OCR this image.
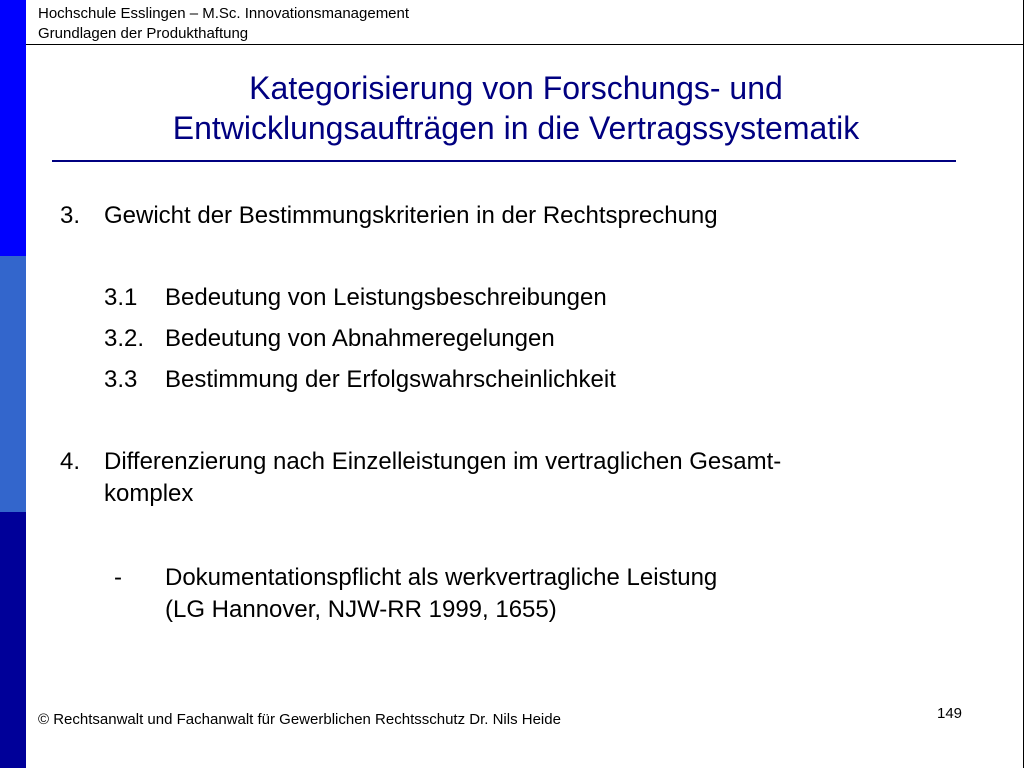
Hochschule Esslingen – M.Sc. Innovationsmanagement
Grundlagen der Produkthaftung
Kategorisierung von Forschungs- und
Entwicklungsaufträgen in die Vertragssystematik
3. Gewicht der Bestimmungskriterien in der Rechtsprechung
3.1 Bedeutung von Leistungsbeschreibungen
3.2. Bedeutung von Abnahmeregelungen
3.3 Bestimmung der Erfolgswahrscheinlichkeit
4. Differenzierung nach Einzelleistungen im vertraglichen Gesamt-
komplex
- Dokumentationspflicht als werkvertragliche Leistung
(LG Hannover, NJW-RR 1999, 1655)
© Rechtsanwalt und Fachanwalt für Gewerblichen Rechtsschutz Dr. Nils Heide	149
